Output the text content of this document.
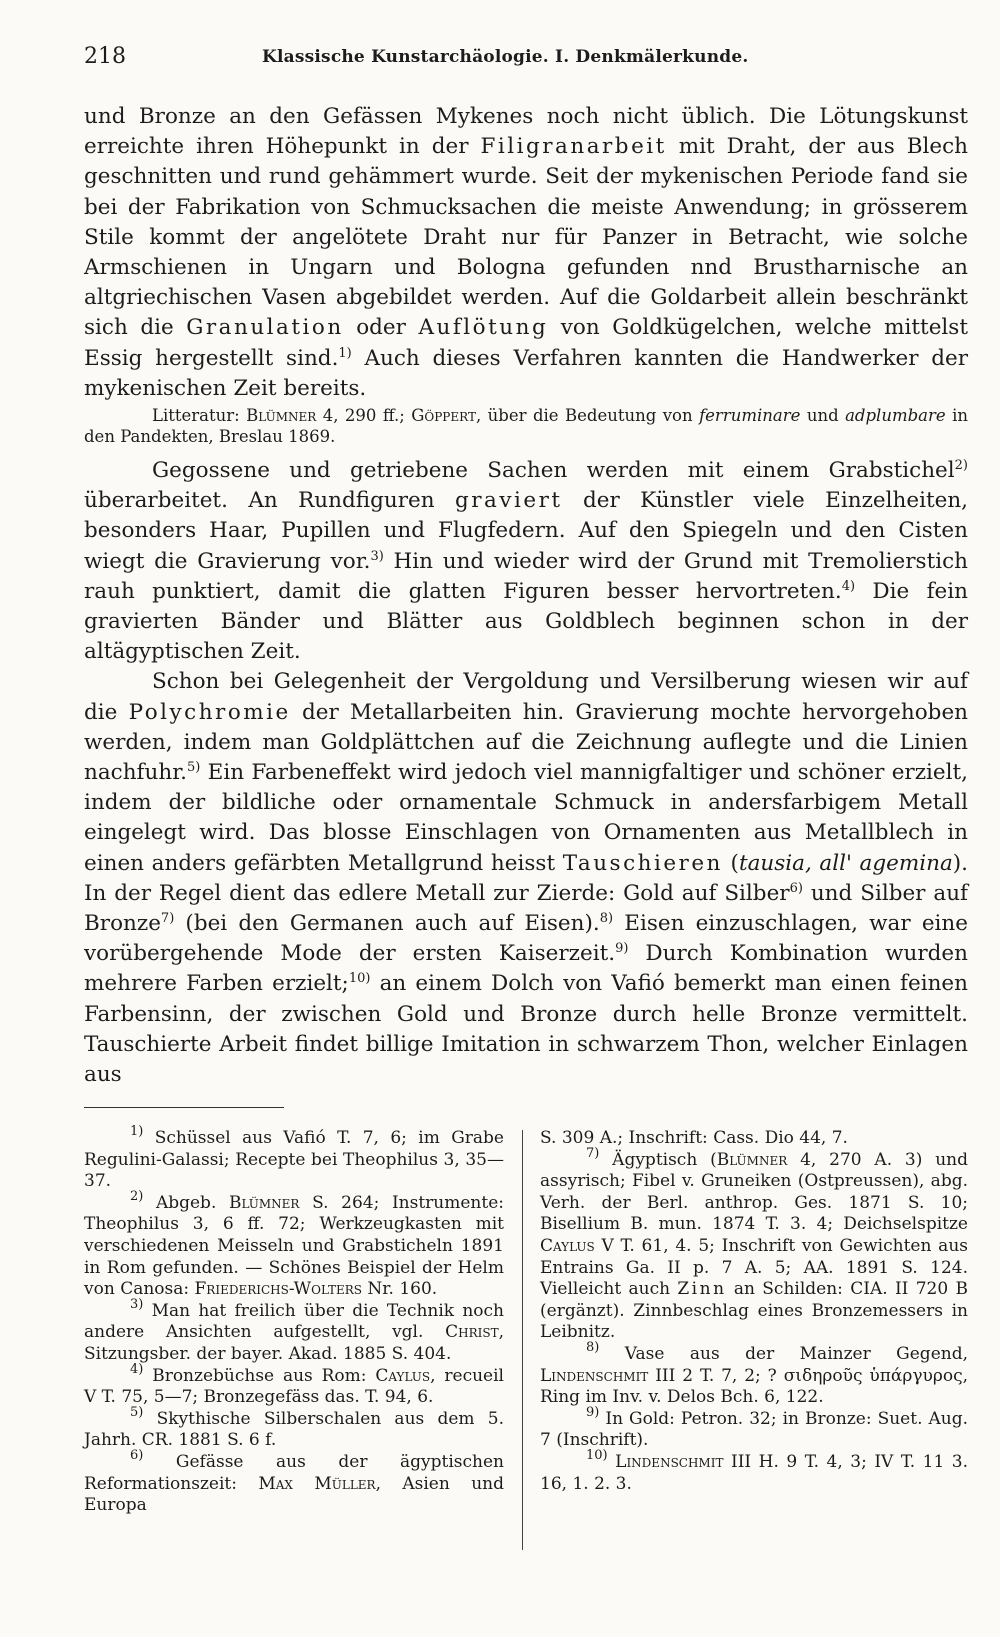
218	Klassische Kunstarchäologie. I. Denkmälerkunde.

und Bronze an den Gefässen Mykenes noch nicht üblich. Die Lötungskunst erreichte ihren Höhepunkt in der Filigranarbeit mit Draht, der aus Blech geschnitten und rund gehämmert wurde. Seit der mykenischen Periode fand sie bei der Fabrikation von Schmucksachen die meiste Anwendung; in grösserem Stile kommt der angelötete Draht nur für Panzer in Betracht, wie solche Armschienen in Ungarn und Bologna gefunden nnd Brustharnische an altgriechischen Vasen abgebildet werden. Auf die Goldarbeit allein beschränkt sich die Granulation oder Auflötung von Goldkügelchen, welche mittelst Essig hergestellt sind.$^{1)}$ Auch dieses Verfahren kannten die Handwerker der mykenischen Zeit bereits.

Litteratur: Blümner 4, 290 ff.; Göppert, über die Bedeutung von ferruminare und adplumbare in den Pandekten, Breslau 1869.

Gegossene und getriebene Sachen werden mit einem Grabstichel$^{2)}$ überarbeitet. An Rundfiguren graviert der Künstler viele Einzelheiten, besonders Haar, Pupillen und Flugfedern. Auf den Spiegeln und den Cisten wiegt die Gravierung vor.$^{3)}$ Hin und wieder wird der Grund mit Tremolierstich rauh punktiert, damit die glatten Figuren besser hervortreten.$^{4)}$ Die fein gravierten Bänder und Blätter aus Goldblech beginnen schon in der altägyptischen Zeit.

Schon bei Gelegenheit der Vergoldung und Versilberung wiesen wir auf die Polychromie der Metallarbeiten hin. Gravierung mochte hervorgehoben werden, indem man Goldplättchen auf die Zeichnung auflegte und die Linien nachfuhr.$^{5)}$ Ein Farbeneffekt wird jedoch viel mannigfaltiger und schöner erzielt, indem der bildliche oder ornamentale Schmuck in andersfarbigem Metall eingelegt wird. Das blosse Einschlagen von Ornamenten aus Metallblech in einen anders gefärbten Metallgrund heisst Tauschieren (tausia, all' agemina). In der Regel dient das edlere Metall zur Zierde: Gold auf Silber$^{6)}$ und Silber auf Bronze$^{7)}$ (bei den Germanen auch auf Eisen).$^{8)}$ Eisen einzuschlagen, war eine vorübergehende Mode der ersten Kaiserzeit.$^{9)}$ Durch Kombination wurden mehrere Farben erzielt;$^{10)}$ an einem Dolch von Vafió bemerkt man einen feinen Farbensinn, der zwischen Gold und Bronze durch helle Bronze vermittelt. Tauschierte Arbeit findet billige Imitation in schwarzem Thon, welcher Einlagen aus

$^{1)}$ Schüssel aus Vafió T. 7, 6; im Grabe Regulini-Galassi; Recepte bei Theophilus 3, 35—37.

$^{2)}$ Abgeb. Blümner S. 264; Instrumente: Theophilus 3, 6 ff. 72; Werkzeugkasten mit verschiedenen Meisseln und Grabsticheln 1891 in Rom gefunden. — Schönes Beispiel der Helm von Canosa: Friederichs-Wolters Nr. 160.

$^{3)}$ Man hat freilich über die Technik noch andere Ansichten aufgestellt, vgl. Christ, Sitzungsber. der bayer. Akad. 1885 S. 404.

$^{4)}$ Bronzebüchse aus Rom: Caylus, recueil V T. 75, 5—7; Bronzegefäss das. T. 94, 6.

$^{5)}$ Skythische Silberschalen aus dem 5. Jahrh. CR. 1881 S. 6 f.

$^{6)}$ Gefässe aus der ägyptischen Reformationszeit: Max Müller, Asien und Europa

S. 309 A.; Inschrift: Cass. Dio 44, 7.

$^{7)}$ Ägyptisch (Blümner 4, 270 A. 3) und assyrisch; Fibel v. Gruneiken (Ostpreussen), abg. Verh. der Berl. anthrop. Ges. 1871 S. 10; Bisellium B. mun. 1874 T. 3. 4; Deichselspitze Caylus V T. 61, 4. 5; Inschrift von Gewichten aus Entrains Ga. II p. 7 A. 5; AA. 1891 S. 124. Vielleicht auch Zinn an Schilden: CIA. II 720 B (ergänzt). Zinnbeschlag eines Bronzemessers in Leibnitz.

$^{8)}$ Vase aus der Mainzer Gegend, Lindenschmit III 2 T. 7, 2; ? σιδηροῦς ὑπάργυρος, Ring im Inv. v. Delos Bch. 6, 122.

$^{9)}$ In Gold: Petron. 32; in Bronze: Suet. Aug. 7 (Inschrift).

$^{10)}$ Lindenschmit III H. 9 T. 4, 3; IV T. 11 3. 16, 1. 2. 3.
